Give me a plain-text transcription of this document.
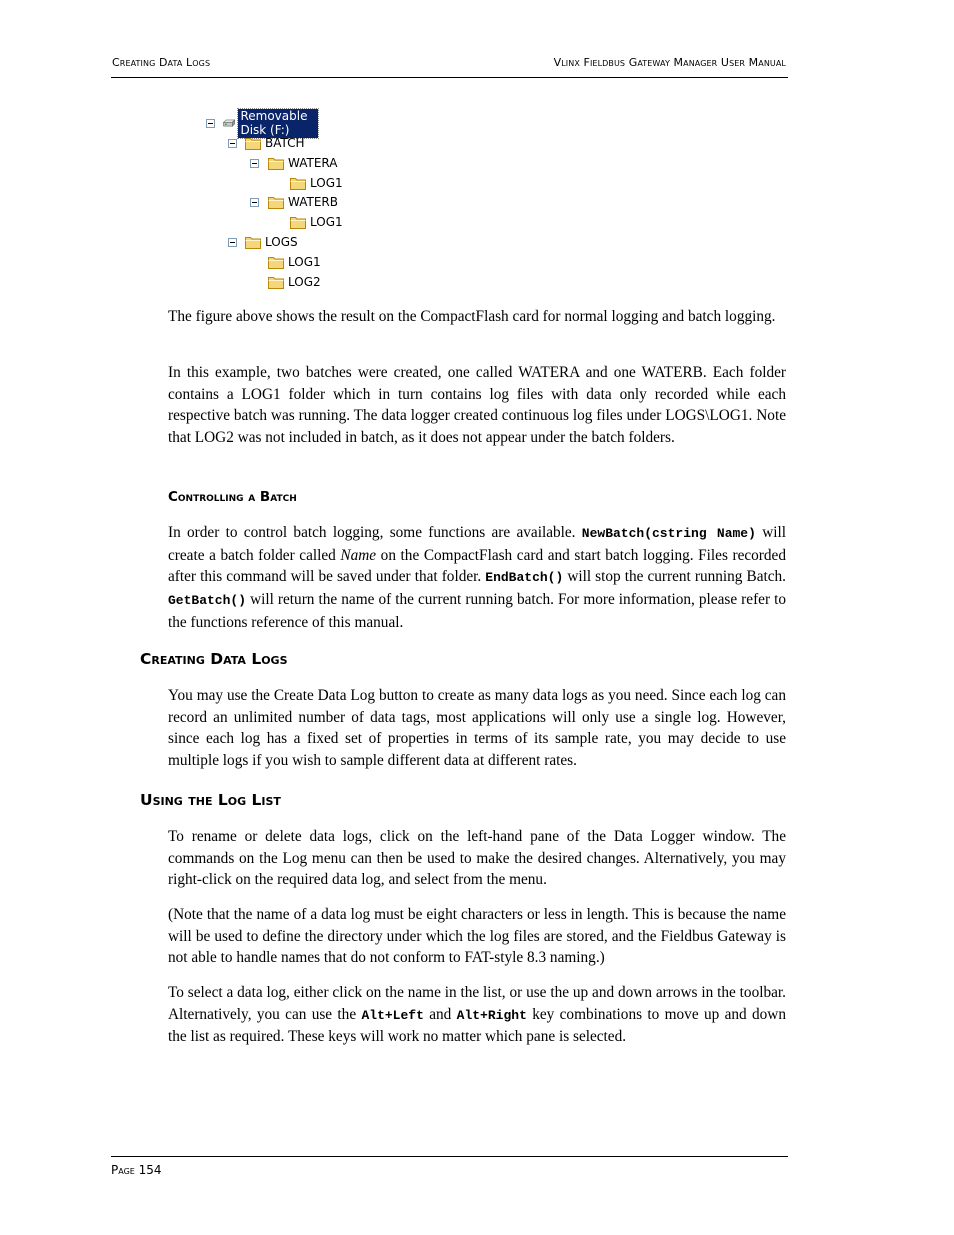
Creating Data Logs	Vlinx Fieldbus Gateway Manager User Manual
Removable Disk (F:)
BATCH
WATERA
LOG1
WATERB
LOG1
LOGS
LOG1
LOG2

The figure above shows the result on the CompactFlash card for normal logging and batch logging.

In this example, two batches were created, one called WATERA and one WATERB. Each folder contains a LOG1 folder which in turn contains log files with data only recorded while each respective batch was running. The data logger created continuous log files under LOGS\LOG1. Note that LOG2 was not included in batch, as it does not appear under the batch folders.

Controlling a Batch

In order to control batch logging, some functions are available. NewBatch(cstring Name) will create a batch folder called Name on the CompactFlash card and start batch logging. Files recorded after this command will be saved under that folder. EndBatch() will stop the current running Batch. GetBatch() will return the name of the current running batch. For more information, please refer to the functions reference of this manual.

Creating Data Logs

You may use the Create Data Log button to create as many data logs as you need. Since each log can record an unlimited number of data tags, most applications will only use a single log. However, since each log has a fixed set of properties in terms of its sample rate, you may decide to use multiple logs if you wish to sample different data at different rates.

Using the Log List

To rename or delete data logs, click on the left-hand pane of the Data Logger window. The commands on the Log menu can then be used to make the desired changes. Alternatively, you may right-click on the required data log, and select from the menu.

(Note that the name of a data log must be eight characters or less in length. This is because the name will be used to define the directory under which the log files are stored, and the Fieldbus Gateway is not able to handle names that do not conform to FAT-style 8.3 naming.)

To select a data log, either click on the name in the list, or use the up and down arrows in the toolbar. Alternatively, you can use the Alt+Left and Alt+Right key combinations to move up and down the list as required. These keys will work no matter which pane is selected.

Page 154
